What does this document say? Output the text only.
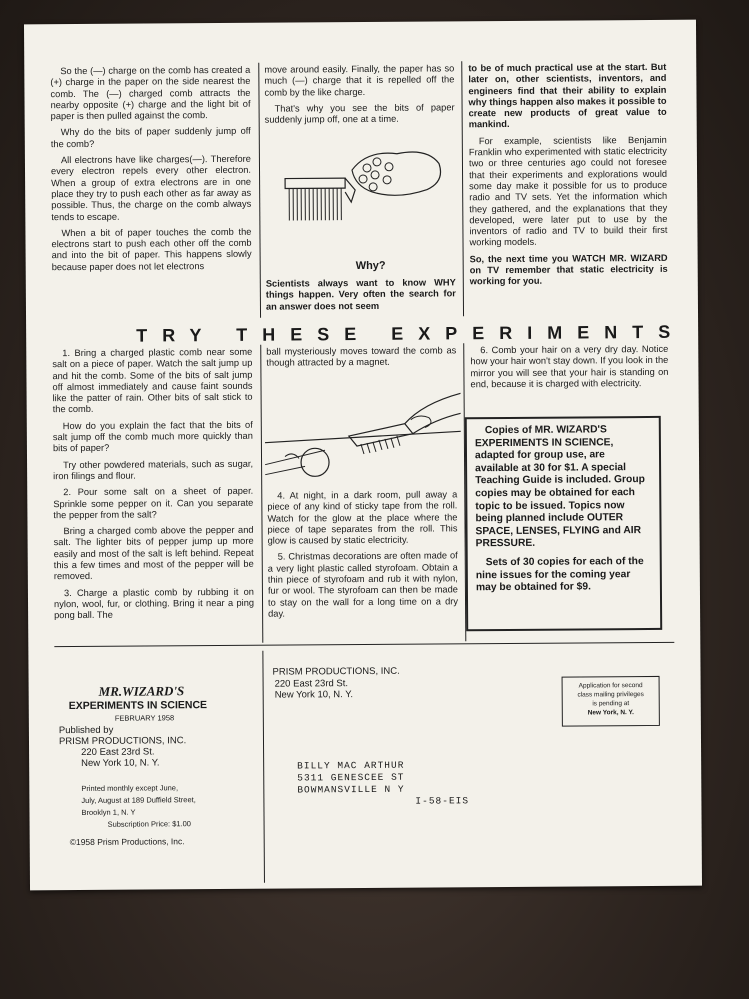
So the (—) charge on the comb has created a (+) charge in the paper on the side nearest the comb. The (—) charged comb attracts the nearby opposite (+) charge and the light bit of paper is then pulled against the comb.

Why do the bits of paper suddenly jump off the comb?

All electrons have like charges(—). Therefore every electron repels every other electron. When a group of extra electrons are in one place they try to push each other as far away as possible. Thus, the charge on the comb always tends to escape.

When a bit of paper touches the comb the electrons start to push each other off the comb and into the bit of paper. This happens slowly because paper does not let electrons

move around easily. Finally, the paper has so much (—) charge that it is repelled off the comb by the like charge.

That's why you see the bits of paper suddenly jump off, one at a time.

Why?
Scientists always want to know WHY things happen. Very often the search for an answer does not seem

to be of much practical use at the start. But later on, other scientists, inventors, and engineers find that their ability to explain why things happen also makes it possible to create new products of great value to mankind.

For example, scientists like Benjamin Franklin who experimented with static electricity two or three centuries ago could not foresee that their experiments and explorations would some day make it possible for us to produce radio and TV sets. Yet the information which they gathered, and the explanations that they developed, were later put to use by the inventors of radio and TV to build their first working models.

So, the next time you WATCH MR. WIZARD on TV remember that static electricity is working for you.

TRY THESE EXPERIMENTS

1. Bring a charged plastic comb near some salt on a piece of paper. Watch the salt jump up and hit the comb. Some of the bits of salt jump off almost immediately and cause faint sounds like the patter of rain. Other bits of salt stick to the comb.

How do you explain the fact that the bits of salt jump off the comb much more quickly than bits of paper?

Try other powdered materials, such as sugar, iron filings and flour.

2. Pour some salt on a sheet of paper. Sprinkle some pepper on it. Can you separate the pepper from the salt?

Bring a charged comb above the pepper and salt. The lighter bits of pepper jump up more easily and most of the salt is left behind. Repeat this a few times and most of the pepper will be removed.

3. Charge a plastic comb by rubbing it on nylon, wool, fur, or clothing. Bring it near a ping pong ball. The

ball mysteriously moves toward the comb as though attracted by a magnet.

4. At night, in a dark room, pull away a piece of any kind of sticky tape from the roll. Watch for the glow at the place where the piece of tape separates from the roll. This glow is caused by static electricity.

5. Christmas decorations are often made of a very light plastic called styrofoam. Obtain a thin piece of styrofoam and rub it with nylon, fur or wool. The styrofoam can then be made to stay on the wall for a long time on a dry day.

6. Comb your hair on a very dry day. Notice how your hair won't stay down. If you look in the mirror you will see that your hair is standing on end, because it is charged with electricity.

Copies of MR. WIZARD'S EXPERIMENTS IN SCIENCE, adapted for group use, are available at 30 for $1. A special Teaching Guide is included. Group copies may be obtained for each topic to be issued. Topics now being planned include OUTER SPACE, LENSES, FLYING and AIR PRESSURE.

Sets of 30 copies for each of the nine issues for the coming year may be obtained for $9.

MR.WIZARD'S
EXPERIMENTS IN SCIENCE
FEBRUARY 1958
Published by
PRISM PRODUCTIONS, INC.
220 East 23rd St.
New York 10, N. Y.
Printed monthly except June,
July, August at 189 Duffield Street,
Brooklyn 1, N. Y
Subscription Price: $1.00
©1958 Prism Productions, Inc.
PRISM PRODUCTIONS, INC.
220 East 23rd St.
New York 10, N. Y.
Application for second
class mailing privileges
is pending at
New York, N. Y.
BILLY MAC ARTHUR
5311 GENESCEE ST
BOWMANSVILLE N Y
I-58-EIS
